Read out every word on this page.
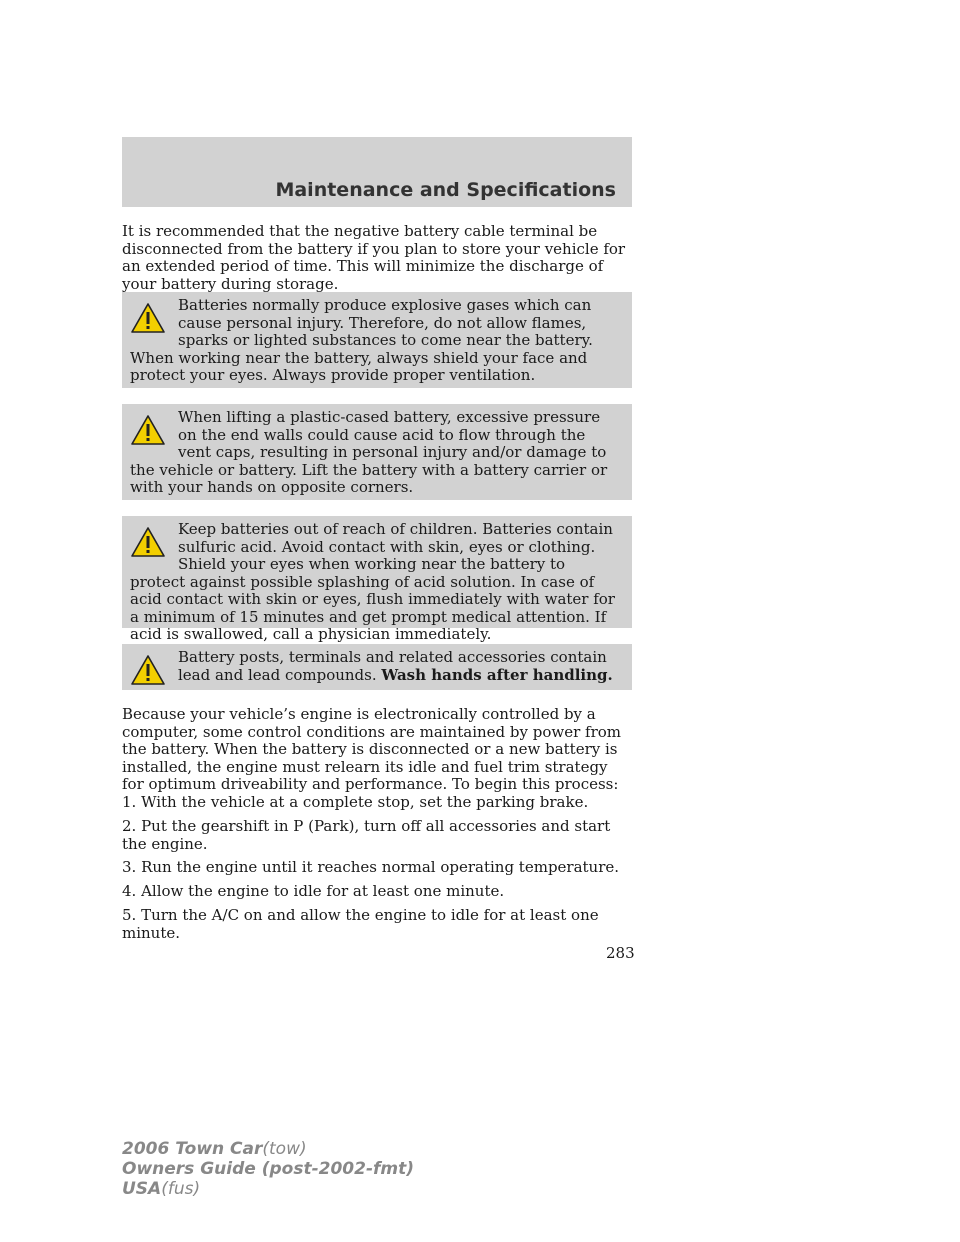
Maintenance and Specifications

It is recommended that the negative battery cable terminal be disconnected from the battery if you plan to store your vehicle for an extended period of time. This will minimize the discharge of your battery during storage.

Batteries normally produce explosive gases which can cause personal injury. Therefore, do not allow flames, sparks or lighted substances to come near the battery. When working near the battery, always shield your face and protect your eyes. Always provide proper ventilation.

When lifting a plastic-cased battery, excessive pressure on the end walls could cause acid to flow through the vent caps, resulting in personal injury and/or damage to the vehicle or battery. Lift the battery with a battery carrier or with your hands on opposite corners.

Keep batteries out of reach of children. Batteries contain sulfuric acid. Avoid contact with skin, eyes or clothing. Shield your eyes when working near the battery to protect against possible splashing of acid solution. In case of acid contact with skin or eyes, flush immediately with water for a minimum of 15 minutes and get prompt medical attention. If acid is swallowed, call a physician immediately.

Battery posts, terminals and related accessories contain lead and lead compounds. Wash hands after handling.

Because your vehicle’s engine is electronically controlled by a computer, some control conditions are maintained by power from the battery. When the battery is disconnected or a new battery is installed, the engine must relearn its idle and fuel trim strategy for optimum driveability and performance. To begin this process:

1. With the vehicle at a complete stop, set the parking brake.

2. Put the gearshift in P (Park), turn off all accessories and start the engine.

3. Run the engine until it reaches normal operating temperature.

4. Allow the engine to idle for at least one minute.

5. Turn the A/C on and allow the engine to idle for at least one minute.

283
2006 Town Car(tow)
Owners Guide (post-2002-fmt)
USA(fus)
